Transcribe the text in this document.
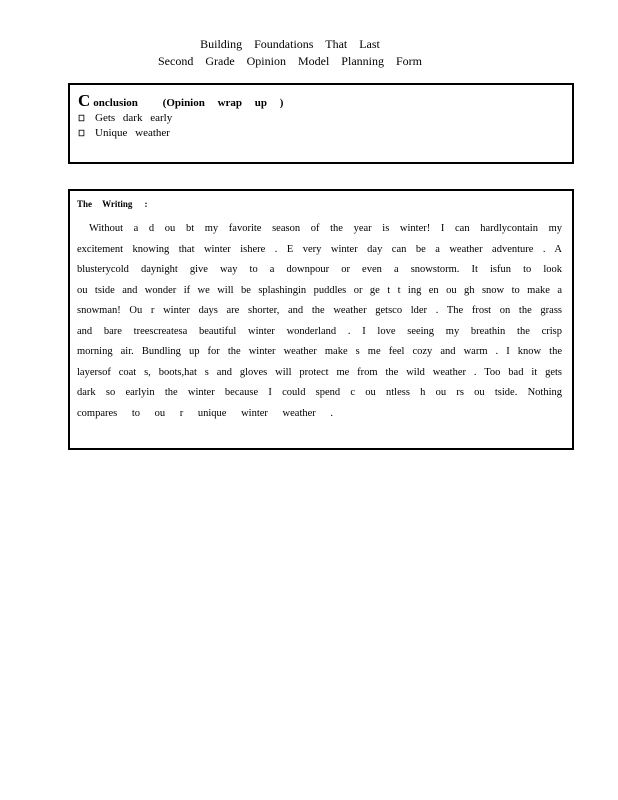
Building Foundations That Last
Second Grade Opinion Model Planning Form
Conclusion (Opinion wrap up )
Gets dark early
Unique weather
The Writing :
Without a d ou bt my favorite season of the year is winter! I can hardlycontain my
excitement knowing that winter ishere . E very winter day can be a weather adventure . A
blusterycold daynight give way to a downpour or even a snowstorm. It isfun to look
ou tside and wonder if we will be splashingin puddles or ge t t ing en ou gh snow to make a
snowman! Ou r winter days are shorter, and the weather getsco lder . The frost on the grass
and bare treescreatesa beautiful winter wonderland . I love seeing my breathin the crisp
morning air. Bundling up for the winter weather make s me feel cozy and warm . I know the
layersof coat s, boots,hat s and gloves will protect me from the wild weather . Too bad it gets
dark so earlyin the winter because I could spend c ou ntless h ou rs ou tside. Nothing
compares to ou r unique winter weather .
